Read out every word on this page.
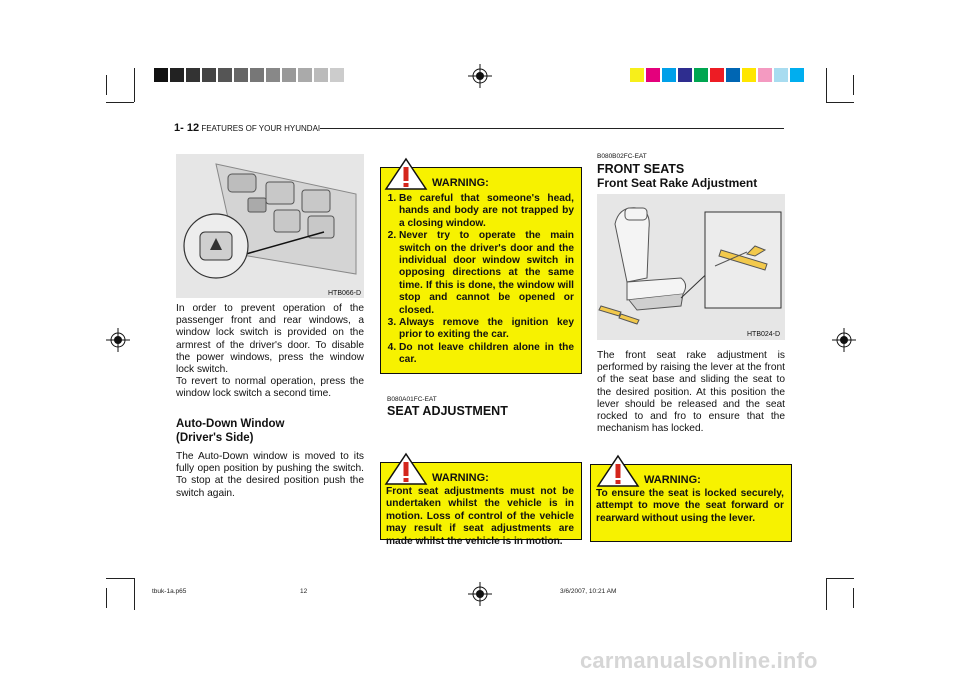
1- 12 FEATURES OF YOUR HYUNDAI
HTB066-D
In order to prevent operation of the passenger front and rear windows, a window lock switch is provided on the armrest of the driver's door. To disable the power windows, press the window lock switch.
To revert to normal operation, press the window lock switch a second time.
Auto-Down Window
(Driver's Side)
The Auto-Down window is moved to its fully open position by pushing the switch. To stop at the desired position push the switch again.
WARNING:
1. Be careful that someone's head, hands and body are not trapped by a closing window.
2. Never try to operate the main switch on the driver's door and the individual door window switch in opposing directions at the same time. If this is done, the window will stop and cannot be opened or closed.
3. Always remove the ignition key prior to exiting the car.
4. Do not leave children alone in the car.
B080A01FC-EAT
SEAT ADJUSTMENT
WARNING:
Front seat adjustments must not be undertaken whilst the vehicle is in motion. Loss of control of the vehicle may result if seat adjustments are made whilst the vehicle is in motion.
B080B02FC-EAT
FRONT SEATS
Front Seat Rake Adjustment
HTB024-D
The front seat rake adjustment is performed by raising the lever at the front of the seat base and sliding the seat to the desired position. At this position the lever should be released and the seat rocked to and fro to ensure that the mechanism has locked.
WARNING:
To ensure the seat is locked securely, attempt to move the seat forward or rearward without using the lever.
tbuk-1a.p65	12	3/6/2007, 10:21 AM
carmanualsonline.info
